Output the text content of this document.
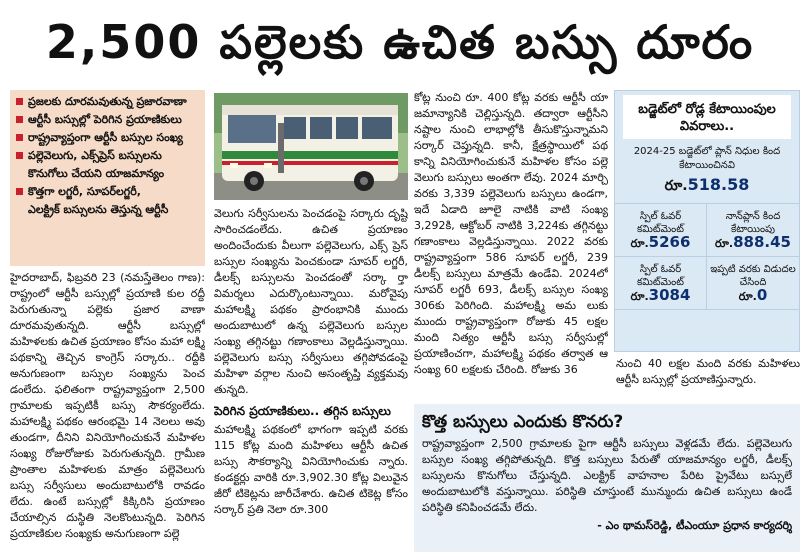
2,500 పల్లెలకు ఉచిత బస్సు దూరం
ప్రజలకు దూరమవుతున్న ప్రజారవాణా
ఆర్టీసీ బస్సుల్లో పెరిగిన ప్రయాణికులు
రాష్ట్రవ్యాప్తంగా ఆర్టీసీ బస్సుల సంఖ్య
పల్లెవెలుగు, ఎక్స్‌ప్రెస్ బస్సులను
కొనుగోలు చేయని యాజమాన్యం
కొత్తగా లగ్జరీ, సూపర్‌లగ్జరీ,
ఎలక్ట్రిక్ బస్సులను తెస్తున్న ఆర్టీసీ

హైదరాబాద్, ఫిబ్రవరి 23 (నమస్తేతెలం గాణ): రాష్ట్రంలో ఆర్టీసీ బస్సుల్లో ప్రయాణి కుల రద్దీ పెరుగుతున్నా పల్లెకు ప్రజార వాణా దూరమవుతున్నది. ఆర్టీసీ బస్సుల్లో మహిళలకు ఉచిత ప్రయాణం కోసం మహా లక్ష్మి పథకాన్ని తెచ్చిన కాంగ్రెస్ సర్కారు.. రద్దీకి అనుగుణంగా బస్సుల సంఖ్యను పెంచ డంలేదు. ఫలితంగా రాష్ట్రవ్యాప్తంగా 2,500 గ్రామాలకు ఇప్పటికీ బస్సు సౌకర్యంలేదు. మహాలక్ష్మి పథకం ఆరంభమై 14 నెలలు అవు తుండగా, దీనిని వినియోగించుకునే మహిళల సంఖ్య రోజురోజుకు పెరుగుతున్నది. గ్రామీణ ప్రాంతాల మహిళలకు మాత్రం పల్లెవెలుగు బస్సు సర్వీసులు అందుబాటులోకి రావడం లేదు. ఉంటే బస్సుల్లో కిక్కిరిసి ప్రయాణం చేయాల్సిన దుస్థితి నెలకొంటున్నది. పెరిగిన ప్రయాణికుల సంఖ్యకు అనుగుణంగా పల్లె

వెలుగు సర్వీసులను పెంచడంపై సర్కారు దృష్టి సారించడంలేదు. ఉచిత ప్రయాణం అందించేందుకు వీలుగా పల్లెవెలుగు, ఎక్స్ ప్రెస్ బస్సుల సంఖ్యను పెంచకుండా సూపర్ లగ్జరీ, డీలక్స్ బస్సులను పెంచడంతో సర్కా ర్తా విమర్శలు ఎదుర్కొంటున్నాయి. మరోవైపు మహాలక్ష్మి పథకం ప్రారంభానికి ముందు అందుబాటులో ఉన్న పల్లెవెలుగు బస్సుల సంఖ్య తగ్గినట్టు గణాంకాలు వెల్లడిస్తున్నాయి. పల్లెవెలుగు బస్సు సర్వీసులు తగ్గిపోవడంపై మహిళా వర్గాల నుంచి అసంతృప్తి వ్యక్తమవు తున్నది.

పెరిగిన ప్రయాణికులు.. తగ్గిన బస్సులు

మహాలక్ష్మి పథకంలో భాగంగా ఇప్పటి వరకు 115 కోట్ల మంది మహిళలు ఆర్టీసీ ఉచిత బస్సు సౌకర్యాన్ని వినియోగించుకు న్నారు. కండక్టర్లు వారికి రూ.3,902.30 కోట్ల విలువైన జీరో టికెట్లను జారీచేశారు. ఉచిత టికెట్ల కోసం సర్కార్ ప్రతి నెలా రూ.300

కోట్ల నుంచి రూ. 400 కోట్ల వరకు ఆర్టీసీ యా జమాన్యానికి చెల్లిస్తున్నది. తద్వారా ఆర్టీసీని నష్టాల నుంచి లాభాల్లోకి తీసుకొస్తున్నామని సర్కార్ చెప్తున్నది. కానీ, క్షేత్రస్థాయిలో పథ కాన్ని వినియోగించుకునే మహిళల కోసం పల్లె వెలుగు బస్సులు అంతగా లేవు. 2024 మార్చి వరకు 3,339 పల్లెవెలుగు బస్సులు ఉండగా, ఇదే ఏడాది జూలై నాటికి వాటి సంఖ్య 3,292కి, ఆక్టోబర్ నాటికి 3,224కు తగ్గినట్టు గణాంకాలు వెల్లడిస్తున్నాయి. 2022 వరకు రాష్ట్రవ్యాప్తంగా 586 సూపర్ లగ్జరీ, 239 డీలక్స్ బస్సులు మాత్రమే ఉండేవి. 2024లో సూపర్ లగ్జరీ 693, డీలక్స్ బస్సుల సంఖ్య 306కు పెరిగింది. మహాలక్ష్మి అమ లుకు ముందు రాష్ట్రవ్యాప్తంగా రోజుకు 45 లక్షల మంది నిత్యం ఆర్టీసీ బస్సు సర్వీసుల్లో ప్రయాణించగా, మహాలక్ష్మి పథకం తర్వాత ఆ సంఖ్య 60 లక్షలకు చేరింది. రోజుకు 36	నుంచి 40 లక్షల మంది వరకు మహిళలు ఆర్టీసీ బస్సుల్లో ప్రయాణిస్తున్నారు.

బడ్జెట్‌లో రోడ్ల కేటాయింపుల వివరాలు..
2024-25 బడ్జెట్‌లో ప్లాన్ నిధుల కింద కేటాయించినవి
రూ.518.58
స్పిల్ ఓవర్ కమిట్‌మెంట్
రూ.5266
నాన్‌ప్లాన్ కింద కేటాయింపు
రూ.888.45
స్పిల్ ఓవర్ కమిట్‌మెంట్
రూ.3084
ఇప్పటి వరకు విడుదల చేసింది
రూ.0
కొత్త బస్సులు ఎందుకు కొనరు?
రాష్ట్రవ్యాప్తంగా 2,500 గ్రామాలకు పైగా ఆర్టీసీ బస్సులు వెళ్లడమే లేదు. పల్లెవెలుగు బస్సుల సంఖ్య తగ్గిపోతున్నది. కొత్త బస్సులు పేరుతో యాజమాన్యం లగ్జరీ, డీలక్స్ బస్సులను కొనుగోలు చేస్తున్నది. ఎలక్ట్రిక్ వాహనాల పేరిట ప్రైవేటు బస్సులే అందుబాటులోకి వస్తున్నాయి. పరిస్థితి చూస్తుంటే మున్ముందు ఉచిత బస్సులు ఉండే పరిస్థితి కనిపించడమే లేదు.
- ఎం థామస్‌రెడ్డి, టీఎంయూ ప్రధాన కార్యదర్శి
